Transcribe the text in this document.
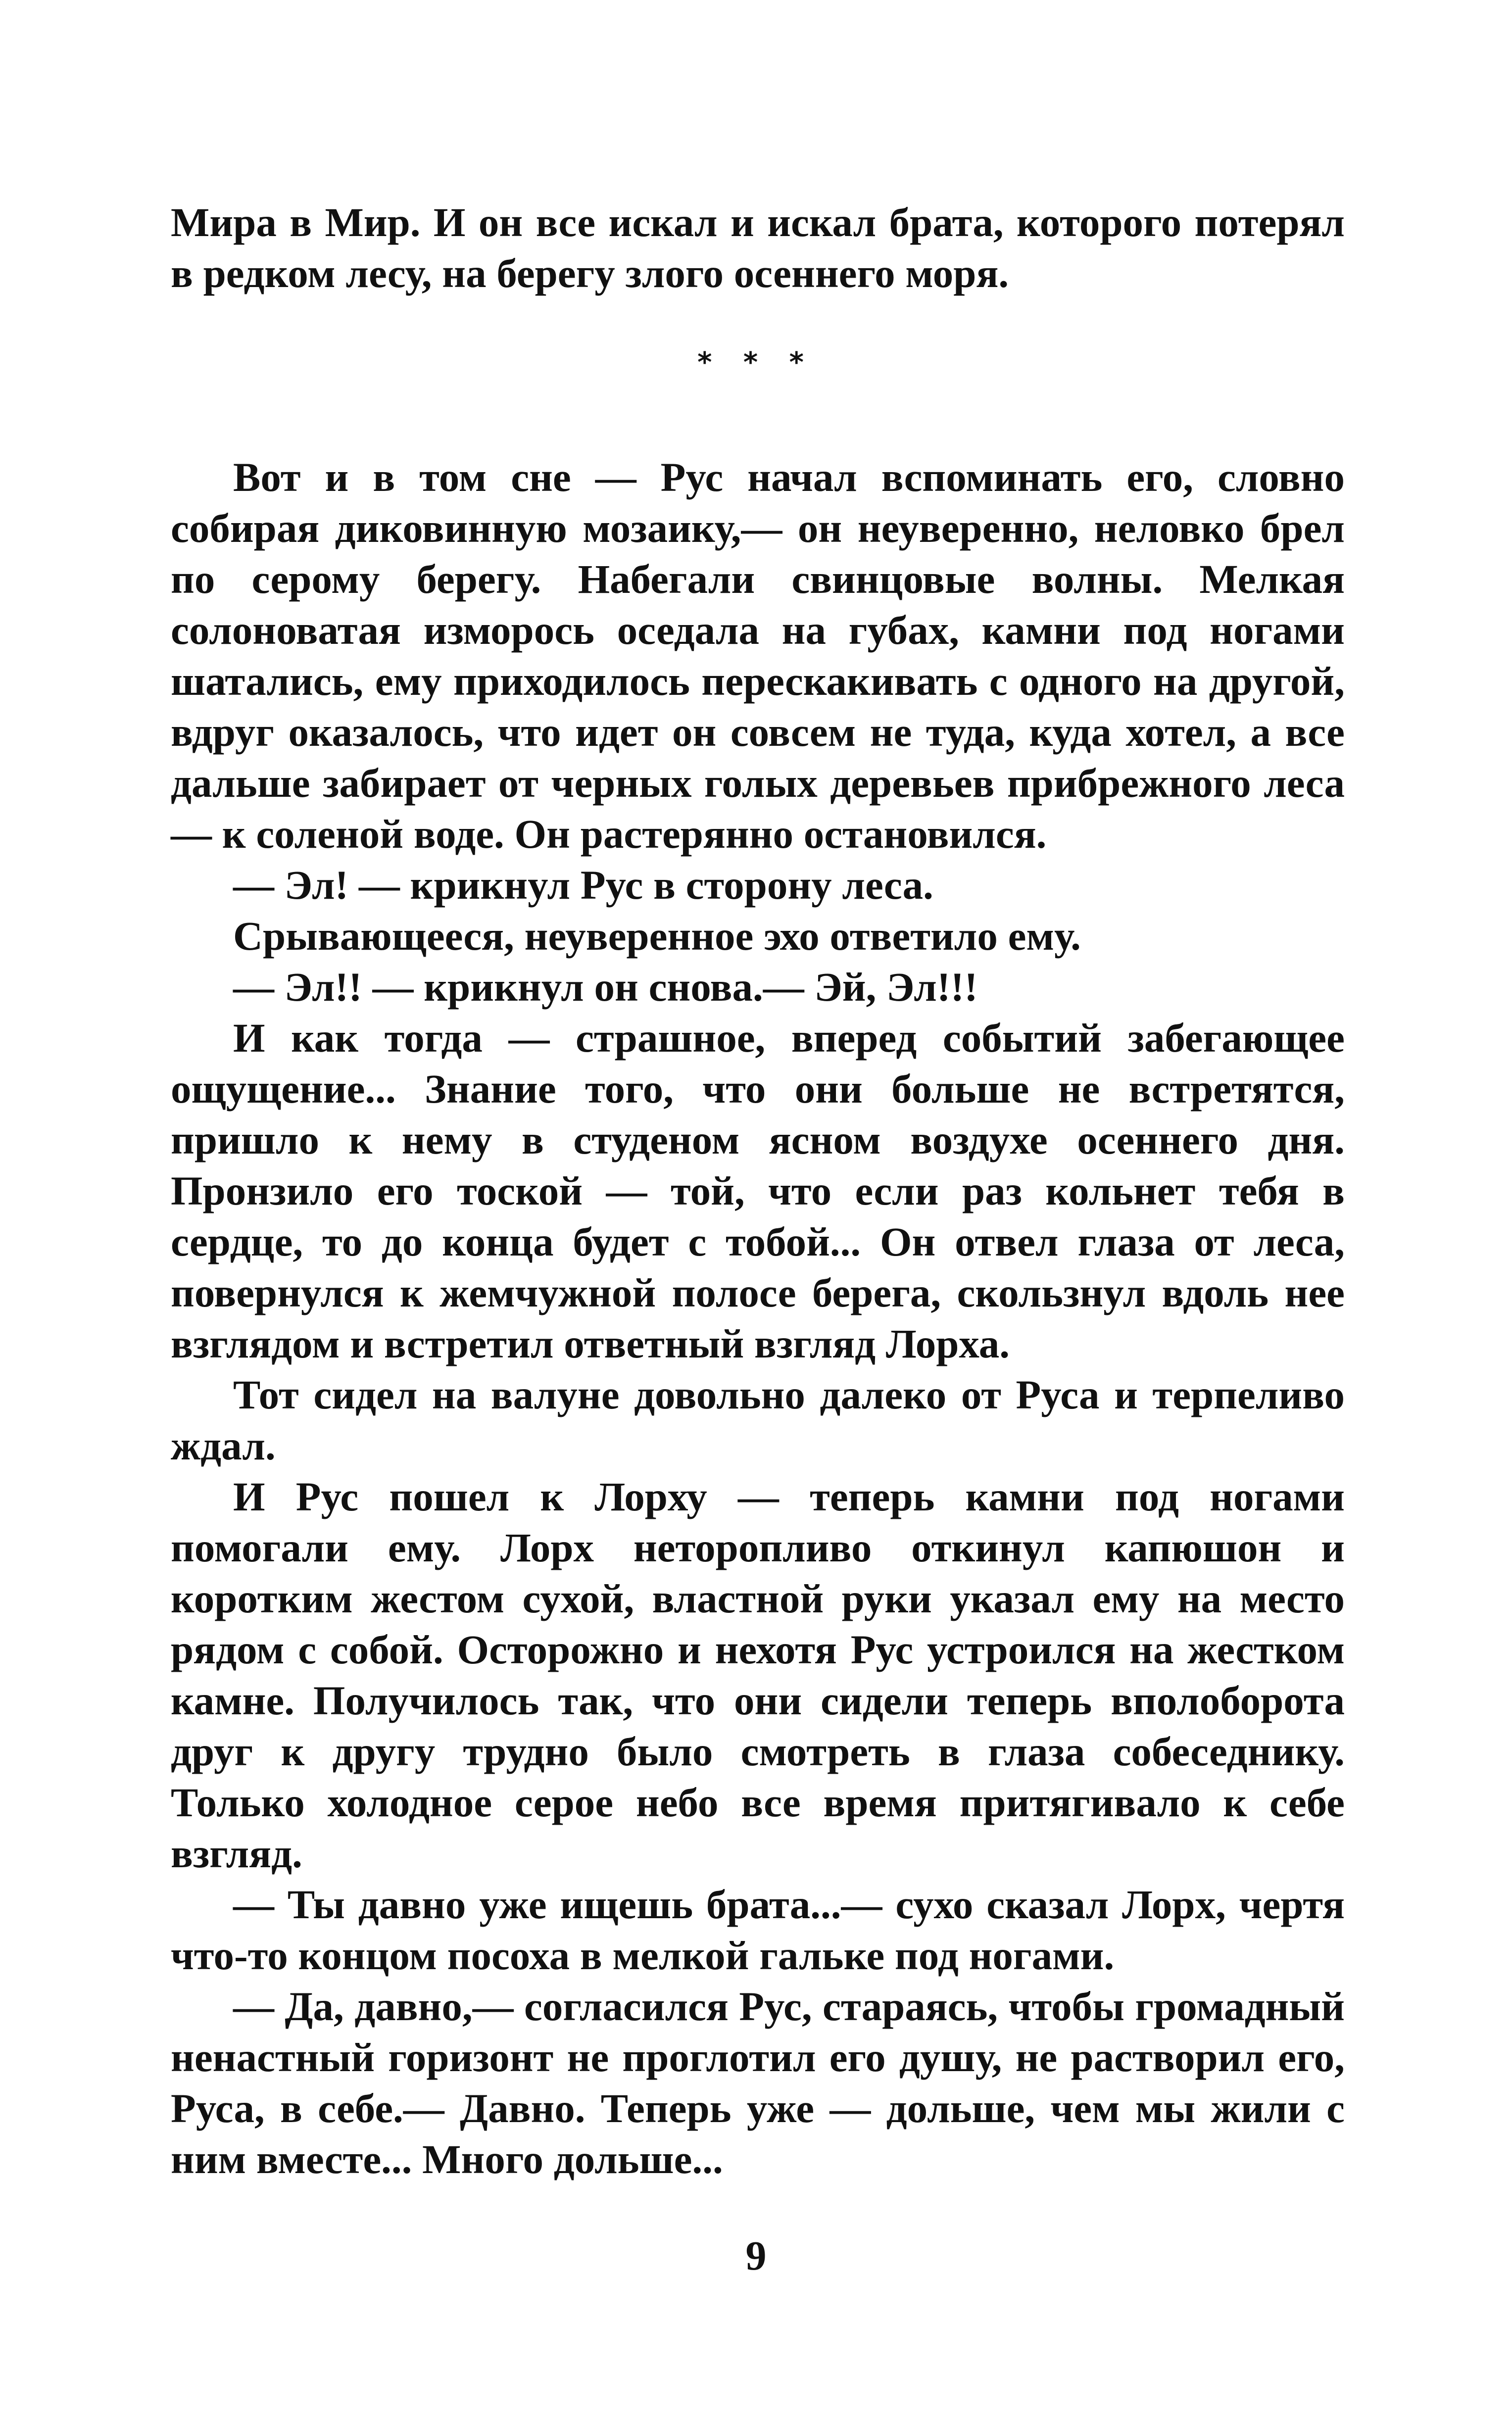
Мира в Мир. И он все искал и искал брата, которого потерял в редком лесу, на берегу злого осеннего моря.

* * *

Вот и в том сне — Рус начал вспоминать его, словно собирая диковинную мозаику,— он неуверенно, неловко брел по серому берегу. Набегали свинцовые волны. Мелкая солоноватая изморось оседала на губах, камни под ногами шатались, ему приходилось перескакивать с одного на другой, вдруг оказалось, что идет он совсем не туда, куда хотел, а все дальше забирает от черных голых деревьев прибрежного леса — к соленой воде. Он растерянно остановился.

— Эл! — крикнул Рус в сторону леса.

Срывающееся, неуверенное эхо ответило ему.

— Эл!! — крикнул он снова.— Эй, Эл!!!

И как тогда — страшное, вперед событий забегающее ощущение... Знание того, что они больше не встретятся, пришло к нему в студеном ясном воздухе осеннего дня. Пронзило его тоской — той, что если раз кольнет тебя в сердце, то до конца будет с тобой... Он отвел глаза от леса, повернулся к жемчужной полосе берега, скользнул вдоль нее взглядом и встретил ответный взгляд Лорха.

Тот сидел на валуне довольно далеко от Руса и терпеливо ждал.

И Рус пошел к Лорху — теперь камни под ногами помогали ему. Лорх неторопливо откинул капюшон и коротким жестом сухой, властной руки указал ему на место рядом с собой. Осторожно и нехотя Рус устроился на жестком камне. Получилось так, что они сидели теперь вполоборота друг к другу трудно было смотреть в глаза собеседнику. Только холодное серое небо все время притягивало к себе взгляд.

— Ты давно уже ищешь брата...— сухо сказал Лорх, чертя что-то концом посоха в мелкой гальке под ногами.

— Да, давно,— согласился Рус, стараясь, чтобы громадный ненастный горизонт не проглотил его душу, не растворил его, Руса, в себе.— Давно. Теперь уже — дольше, чем мы жили с ним вместе... Много дольше...

9
